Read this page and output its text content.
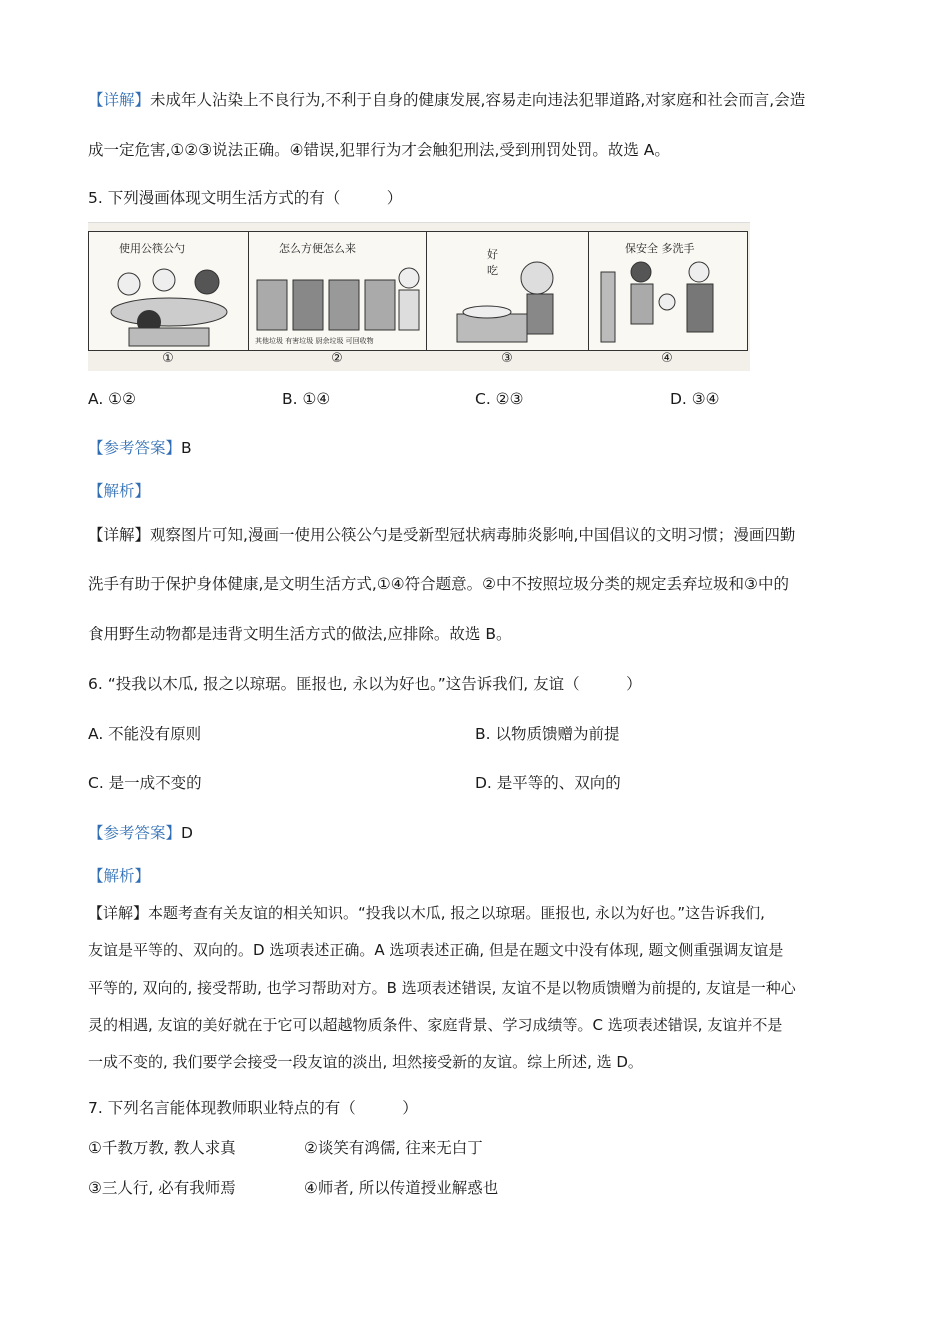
【详解】未成年人沾染上不良行为,不利于自身的健康发展,容易走向违法犯罪道路,对家庭和社会而言,会造
成一定危害,①②③说法正确。④错误,犯罪行为才会触犯刑法,受到刑罚处罚。故选 A。
5. 下列漫画体现文明生活方式的有（　　　）
使用公筷公勺
①
怎么方便怎么来
其他垃圾 有害垃圾 厨余垃圾 可回收物
②
好吃
③
保安全 多洗手
④
A. ①②	B. ①④	C. ②③	D. ③④
【参考答案】B
【解析】
【详解】观察图片可知,漫画一使用公筷公勺是受新型冠状病毒肺炎影响,中国倡议的文明习惯；漫画四勤
洗手有助于保护身体健康,是文明生活方式,①④符合题意。②中不按照垃圾分类的规定丢弃垃圾和③中的
食用野生动物都是违背文明生活方式的做法,应排除。故选 B。
6. “投我以木瓜, 报之以琼琚。匪报也, 永以为好也。”这告诉我们, 友谊（　　　）
A. 不能没有原则	B. 以物质馈赠为前提
C. 是一成不变的	D. 是平等的、双向的
【参考答案】D
【解析】
【详解】本题考查有关友谊的相关知识。“投我以木瓜, 报之以琼琚。匪报也, 永以为好也。”这告诉我们,
友谊是平等的、双向的。D 选项表述正确。A 选项表述正确, 但是在题文中没有体现, 题文侧重强调友谊是
平等的, 双向的, 接受帮助, 也学习帮助对方。B 选项表述错误, 友谊不是以物质馈赠为前提的, 友谊是一种心
灵的相遇, 友谊的美好就在于它可以超越物质条件、家庭背景、学习成绩等。C 选项表述错误, 友谊并不是
一成不变的, 我们要学会接受一段友谊的淡出, 坦然接受新的友谊。综上所述, 选 D。
7. 下列名言能体现教师职业特点的有（　　　）
①千教万教, 教人求真	②谈笑有鸿儒, 往来无白丁
③三人行, 必有我师焉	④师者, 所以传道授业解惑也
